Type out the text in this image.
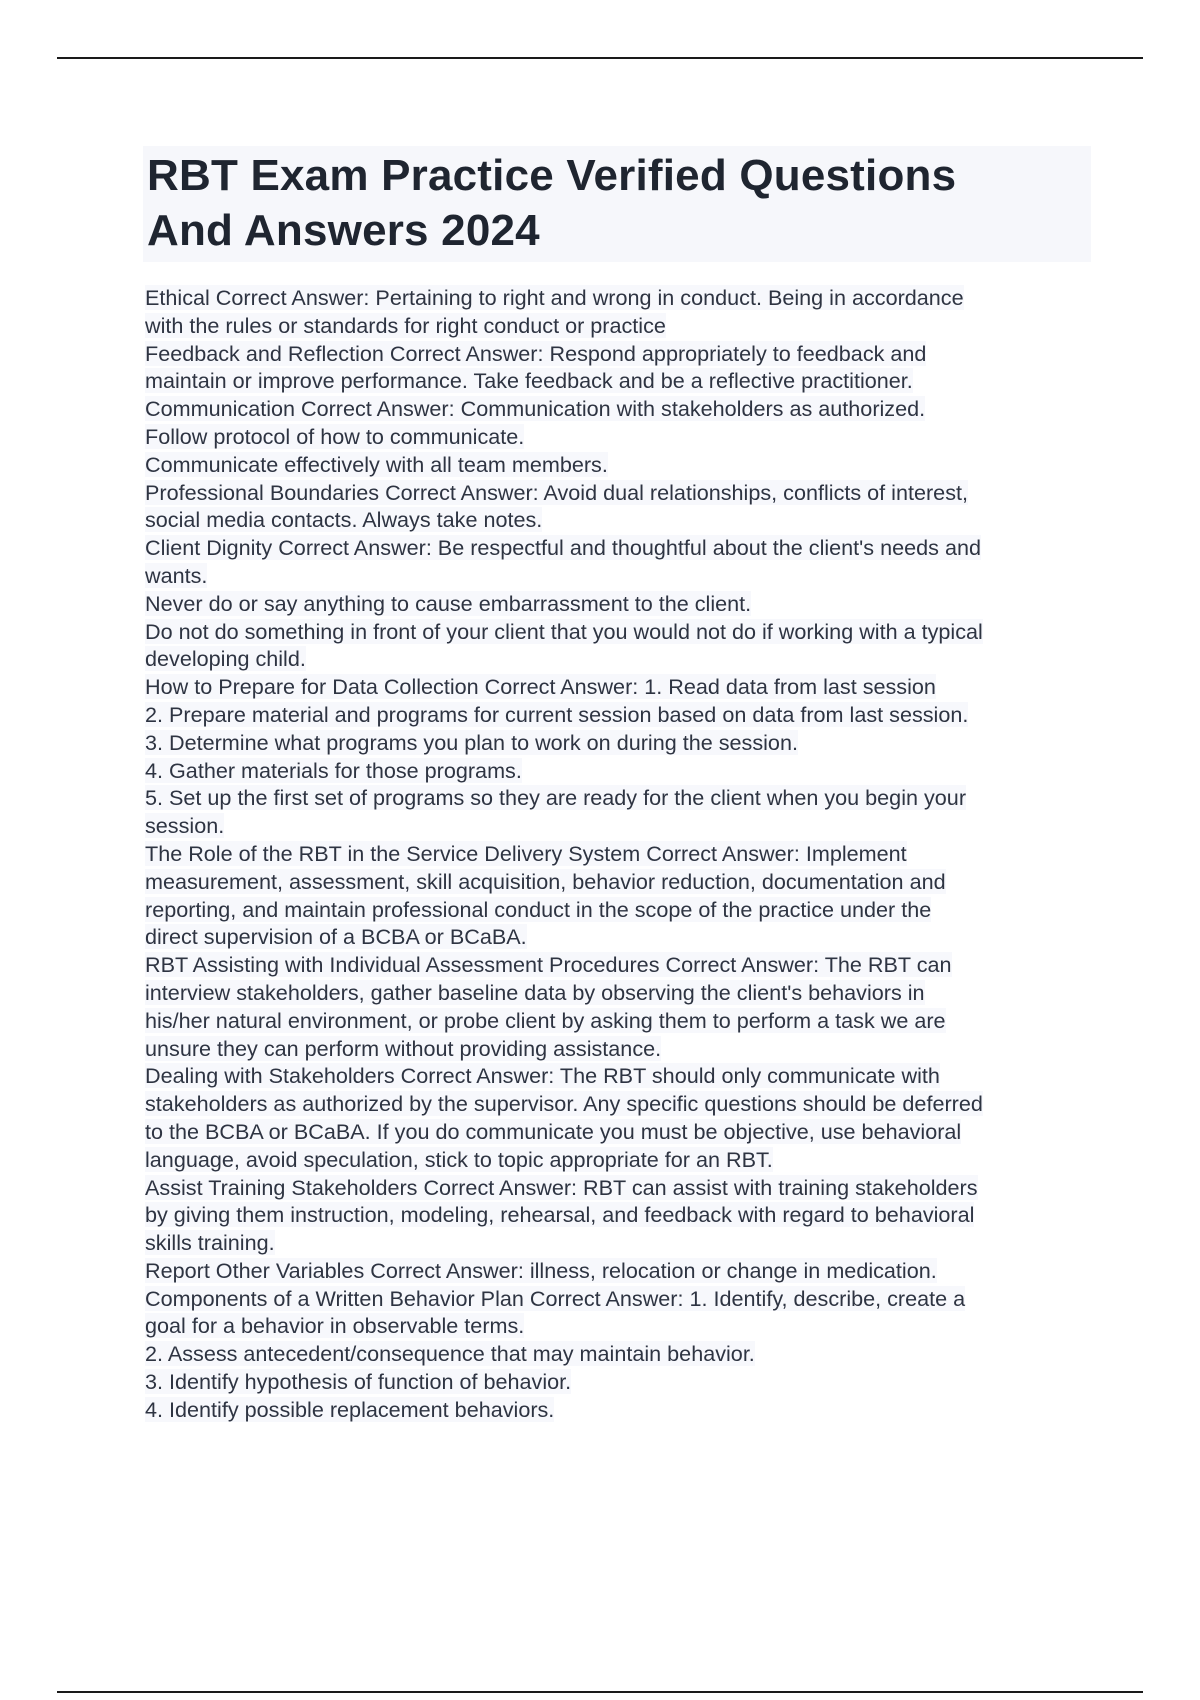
RBT Exam Practice Verified Questions
And Answers 2024
Ethical Correct Answer: Pertaining to right and wrong in conduct. Being in accordance
with the rules or standards for right conduct or practice
Feedback and Reflection Correct Answer: Respond appropriately to feedback and
maintain or improve performance. Take feedback and be a reflective practitioner.
Communication Correct Answer: Communication with stakeholders as authorized.
Follow protocol of how to communicate.
Communicate effectively with all team members.
Professional Boundaries Correct Answer: Avoid dual relationships, conflicts of interest,
social media contacts. Always take notes.
Client Dignity Correct Answer: Be respectful and thoughtful about the client's needs and
wants.
Never do or say anything to cause embarrassment to the client.
Do not do something in front of your client that you would not do if working with a typical
developing child.
How to Prepare for Data Collection Correct Answer: 1. Read data from last session
2. Prepare material and programs for current session based on data from last session.
3. Determine what programs you plan to work on during the session.
4. Gather materials for those programs.
5. Set up the first set of programs so they are ready for the client when you begin your
session.
The Role of the RBT in the Service Delivery System Correct Answer: Implement
measurement, assessment, skill acquisition, behavior reduction, documentation and
reporting, and maintain professional conduct in the scope of the practice under the
direct supervision of a BCBA or BCaBA.
RBT Assisting with Individual Assessment Procedures Correct Answer: The RBT can
interview stakeholders, gather baseline data by observing the client's behaviors in
his/her natural environment, or probe client by asking them to perform a task we are
unsure they can perform without providing assistance.
Dealing with Stakeholders Correct Answer: The RBT should only communicate with
stakeholders as authorized by the supervisor. Any specific questions should be deferred
to the BCBA or BCaBA. If you do communicate you must be objective, use behavioral
language, avoid speculation, stick to topic appropriate for an RBT.
Assist Training Stakeholders Correct Answer: RBT can assist with training stakeholders
by giving them instruction, modeling, rehearsal, and feedback with regard to behavioral
skills training.
Report Other Variables Correct Answer: illness, relocation or change in medication.
Components of a Written Behavior Plan Correct Answer: 1. Identify, describe, create a
goal for a behavior in observable terms.
2. Assess antecedent/consequence that may maintain behavior.
3. Identify hypothesis of function of behavior.
4. Identify possible replacement behaviors.
